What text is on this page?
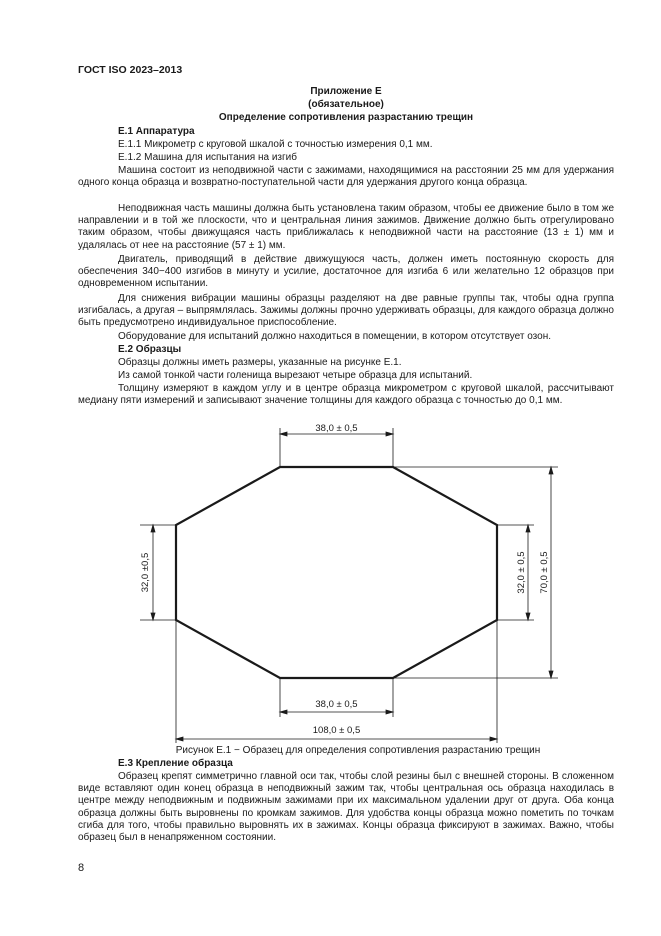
ГОСТ ISO 2023–2013
Приложение Е
(обязательное)
Определение сопротивления разрастанию трещин
Е.1 Аппаратура
Е.1.1 Микрометр с круговой шкалой с точностью измерения 0,1 мм.
Е.1.2 Машина для испытания на изгиб
Машина состоит из неподвижной части с зажимами, находящимися на расстоянии 25 мм для удержания одного конца образца и возвратно-поступательной части для удержания другого конца образца.
Неподвижная часть машины должна быть установлена таким образом, чтобы ее движение было в том же направлении и в той же плоскости, что и центральная линия зажимов. Движение должно быть отрегулировано таким образом, чтобы движущаяся часть приближалась к неподвижной части на расстояние (13 ± 1) мм и удалялась от нее на расстояние (57 ± 1) мм.
Двигатель, приводящий в действие движущуюся часть, должен иметь постоянную скорость для обеспечения 340−400 изгибов в минуту и усилие, достаточное для изгиба 6 или желательно 12 образцов при одновременном испытании.
Для снижения вибрации машины образцы разделяют на две равные группы так, чтобы одна группа изгибалась, а другая – выпрямлялась. Зажимы должны прочно удерживать образцы, для каждого образца должно быть предусмотрено индивидуальное приспособление.
Оборудование для испытаний должно находиться в помещении, в котором отсутствует озон.
Е.2 Образцы
Образцы должны иметь размеры, указанные на рисунке Е.1.
Из самой тонкой части голенища вырезают четыре образца для испытаний.
Толщину измеряют в каждом углу и в центре образца микрометром с круговой шкалой, рассчитывают медиану пяти измерений и записывают значение толщины для каждого образца с точностью до 0,1 мм.
38,0 ± 0,5
38,0 ± 0,5
108,0 ± 0,5
32,0 ±0,5	32,0 ± 0,5 70,0 ± 0,5
Рисунок Е.1 − Образец для определения сопротивления разрастанию трещин
Е.3 Крепление образца
Образец крепят симметрично главной оси так, чтобы слой резины был с внешней стороны. В сложенном виде вставляют один конец образца в неподвижный зажим так, чтобы центральная ось образца находилась в центре между неподвижным и подвижным зажимами при их максимальном удалении друг от друга. Оба конца образца должны быть выровнены по кромкам зажимов. Для удобства концы образца можно пометить по точкам сгиба для того, чтобы правильно выровнять их в зажимах. Концы образца фиксируют в зажимах. Важно, чтобы образец был в ненапряженном состоянии.
8
